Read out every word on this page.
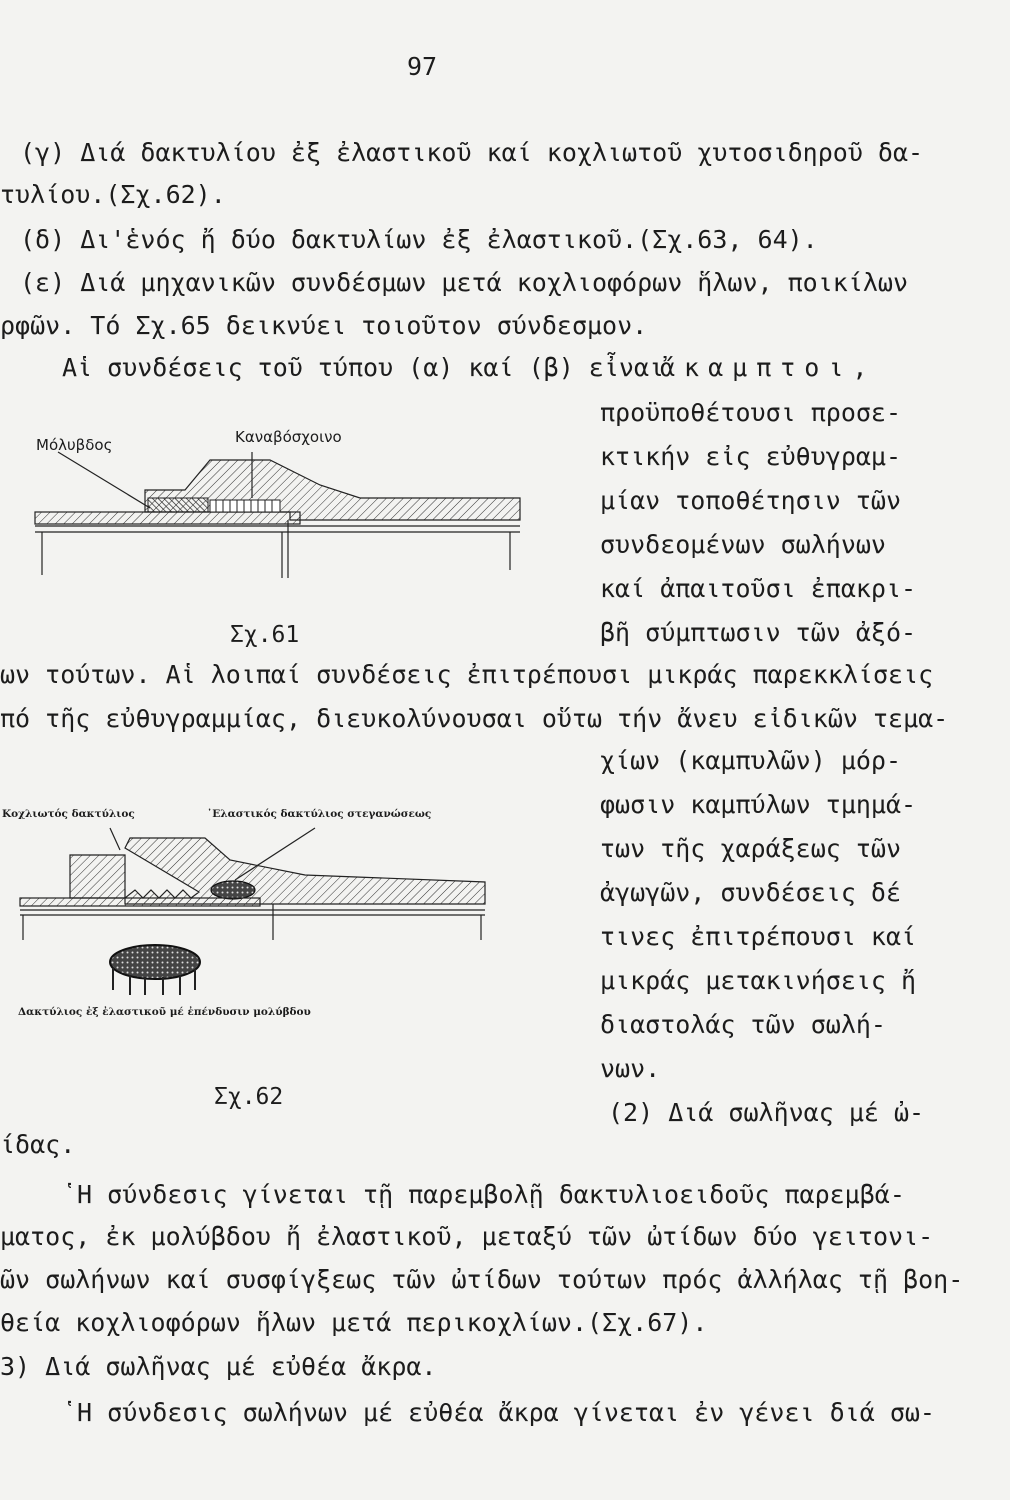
97
(γ) Διά δακτυλίου ἐξ ἐλαστικοῦ καί κοχλιωτοῦ χυτοσιδηροῦ δα-
τυλίου.(Σχ.62).
(δ) Δι'ἑνός ἤ δύο δακτυλίων ἐξ ἐλαστικοῦ.(Σχ.63, 64).
(ε) Διά μηχανικῶν συνδέσμων μετά κοχλιοφόρων ἥλων, ποικίλων
ρφῶν. Τό Σχ.65 δεικνύει τοιοῦτον σύνδεσμον.
Αἱ συνδέσεις τοῦ τύπου (α) καί (β) εἶναι
ἄκαμπτοι,
προϋποθέτουσι προσε-
κτικήν εἰς εὐθυγραμ-
μίαν τοποθέτησιν τῶν
συνδεομένων σωλήνων
καί ἀπαιτοῦσι ἐπακρι-
βῆ σύμπτωσιν τῶν ἀξό-
Μόλυβδος	Καναβόσχοινο
Σχ.61
ων τούτων. Αἱ λοιπαί συνδέσεις ἐπιτρέπουσι μικράς παρεκκλίσεις
πό τῆς εὐθυγραμμίας, διευκολύνουσαι οὕτω τήν ἄνευ εἰδικῶν τεμα-
χίων (καμπυλῶν) μόρ-
φωσιν καμπύλων τμημά-
των τῆς χαράξεως τῶν
ἀγωγῶν, συνδέσεις δέ
τινες ἐπιτρέπουσι καί
μικράς μετακινήσεις ἤ
διαστολάς τῶν σωλή-
νων.
(2) Διά σωλῆνας μέ ὠ-
Κοχλιωτός δακτύλιος	᾿Ελαστικός δακτύλιος στεγανώσεως
Δακτύλιος ἐξ ἐλαστικοῦ μέ ἐπένδυσιν μολύβδου
Σχ.62
ίδας.
῾Η σύνδεσις γίνεται τῇ παρεμβολῇ δακτυλιοειδοῦς παρεμβά-
ματος, ἐκ μολύβδου ἤ ἐλαστικοῦ, μεταξύ τῶν ὠτίδων δύο γειτονι-
ῶν σωλήνων καί συσφίγξεως τῶν ὠτίδων τούτων πρός ἀλλήλας τῇ βοη-
θεία κοχλιοφόρων ἥλων μετά περικοχλίων.(Σχ.67).
3) Διά σωλῆνας μέ εὐθέα ἄκρα.
῾Η σύνδεσις σωλήνων μέ εὐθέα ἄκρα γίνεται ἐν γένει διά σω-
